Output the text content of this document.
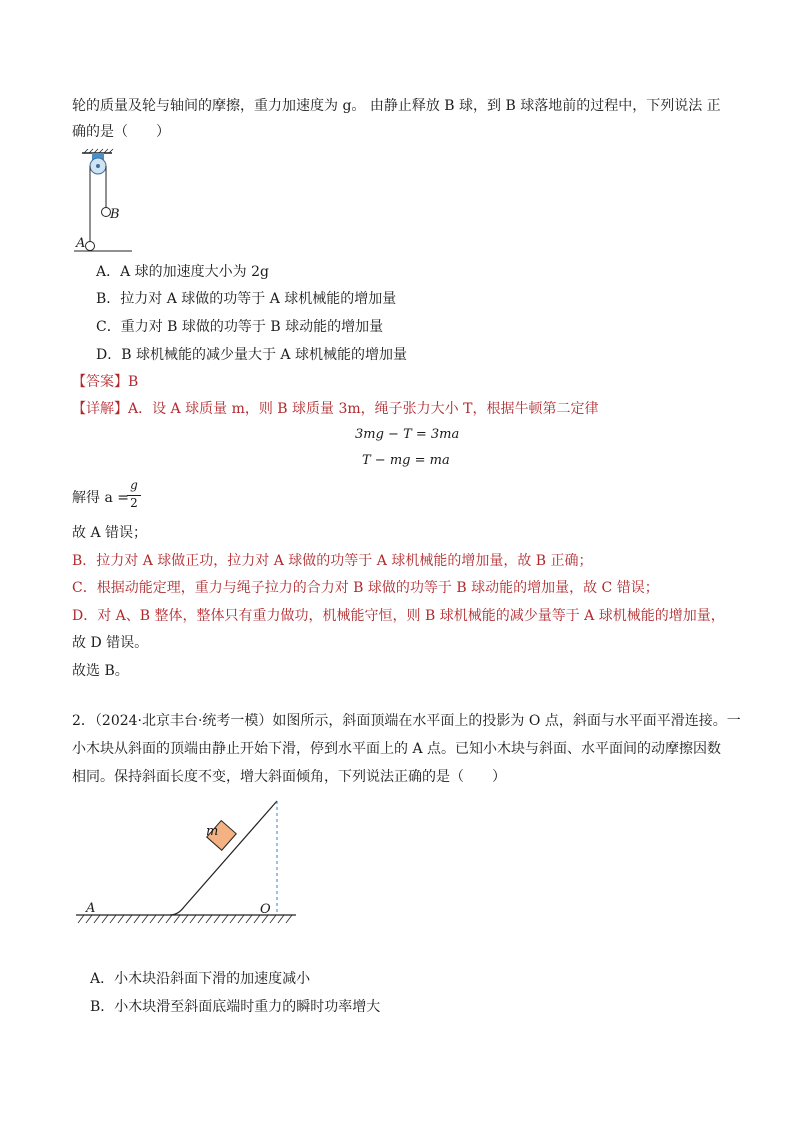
轮的质量及轮与轴间的摩擦，重力加速度为 g。 由静止释放 B 球，到 B 球落地前的过程中，下列说法 正
确的是（　　）
B
A
A．A 球的加速度大小为 2g
B．拉力对 A 球做的功等于 A 球机械能的增加量
C．重力对 B 球做的功等于 B 球动能的增加量
D．B 球机械能的减少量大于 A 球机械能的增加量
【答案】B
【详解】A．设 A 球质量 m，则 B 球质量 3m，绳子张力大小 T，根据牛顿第二定律
3mg − T = 3ma
T − mg = ma
解得 a =
g
2
故 A 错误；
B．拉力对 A 球做正功，拉力对 A 球做的功等于 A 球机械能的增加量，故 B 正确；
C．根据动能定理，重力与绳子拉力的合力对 B 球做的功等于 B 球动能的增加量，故 C 错误；
D．对 A、B 整体，整体只有重力做功，机械能守恒，则 B 球机械能的减少量等于 A 球机械能的增加量，
故 D 错误。
故选 B。
2．（2024·北京丰台·统考一模）如图所示，斜面顶端在水平面上的投影为 O 点，斜面与水平面平滑连接。一
小木块从斜面的顶端由静止开始下滑，停到水平面上的 A 点。已知小木块与斜面、水平面间的动摩擦因数
相同。保持斜面长度不变，增大斜面倾角，下列说法正确的是（　　）
m
A	O
A．小木块沿斜面下滑的加速度减小
B．小木块滑至斜面底端时重力的瞬时功率增大
